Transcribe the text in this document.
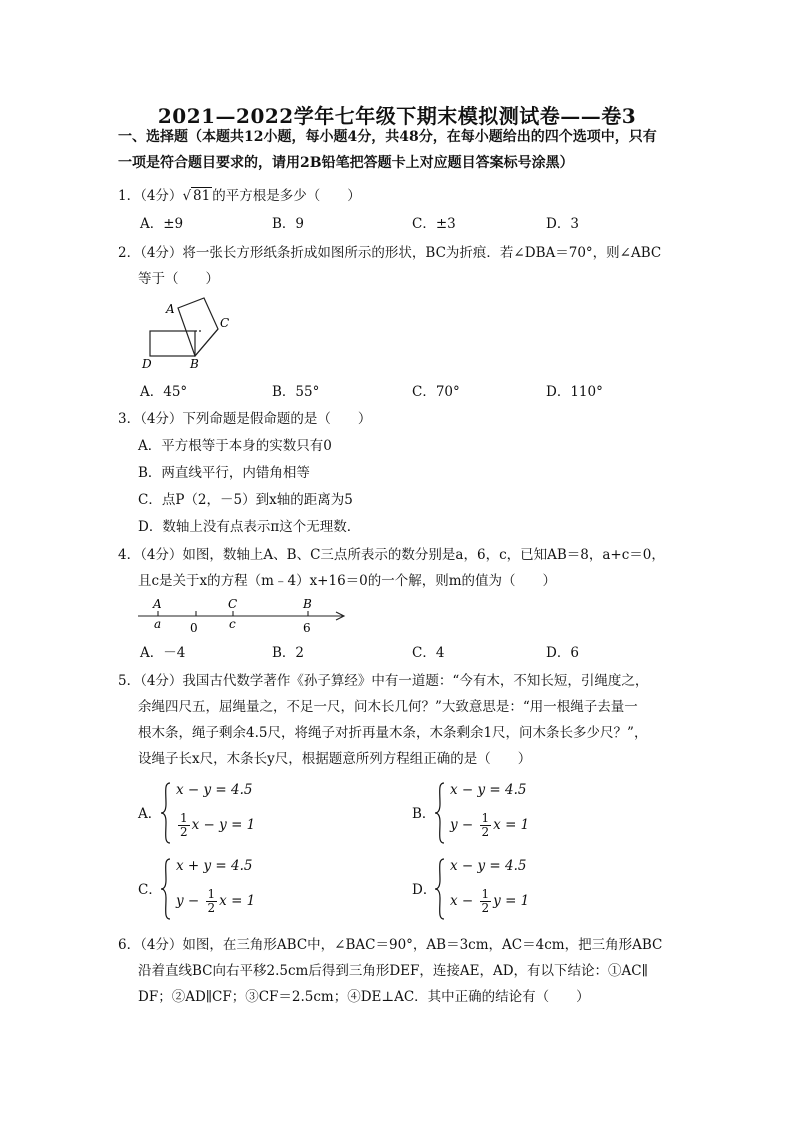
2021—2022学年七年级下期末模拟测试卷——卷3
一、选择题（本题共12小题，每小题4分，共48分，在每小题给出的四个选项中，只有
一项是符合题目要求的，请用2B铅笔把答题卡上对应题目答案标号涂黑）
1．（4分）√ 81 的平方根是多少（　　）
A．±9	B．9	C．±3	D．3
2．（4分）将一张长方形纸条折成如图所示的形状，BC为折痕．若∠DBA＝70°，则∠ABC
等于（　　）
A
C
D	B
A．45°	B．55°	C．70°	D．110°
3．（4分）下列命题是假命题的是（　　）
A．平方根等于本身的实数只有0
B．两直线平行，内错角相等
C．点P（2，－5）到x轴的距离为5
D．数轴上没有点表示π这个无理数．
4．（4分）如图，数轴上A、B、C三点所表示的数分别是a，6，c，已知AB＝8，a+c＝0，
且c是关于x的方程（m﹣4）x+16＝0的一个解，则m的值为（　　）
A	C	B
a 0	c	6
A．－4	B．2	C．4	D．6
5．（4分）我国古代数学著作《孙子算经》中有一道题：“今有木，不知长短，引绳度之，
余绳四尺五，屈绳量之，不足一尺，问木长几何？”大致意思是：“用一根绳子去量一
根木条，绳子剩余4.5尺，将绳子对折再量木条，木条剩余1尺，问木条长多少尺？”，
设绳子长x尺，木条长y尺，根据题意所列方程组正确的是（　　）
A．
x − y = 4.5
$\frac{1}{2}$ x − y = 1
B．
x − y = 4.5
$y - \frac{1}{2}$ x = 1
C．
x + y = 4.5
$y - \frac{1}{2}$ x = 1
D．
x − y = 4.5
$x - \frac{1}{2}$ y = 1
6．（4分）如图，在三角形ABC中，∠BAC＝90°，AB＝3cm，AC＝4cm，把三角形ABC
沿着直线BC向右平移2.5cm后得到三角形DEF，连接AE，AD，有以下结论：①AC∥
DF；②AD∥CF；③CF＝2.5cm；④DE⊥AC．其中正确的结论有（　　）
